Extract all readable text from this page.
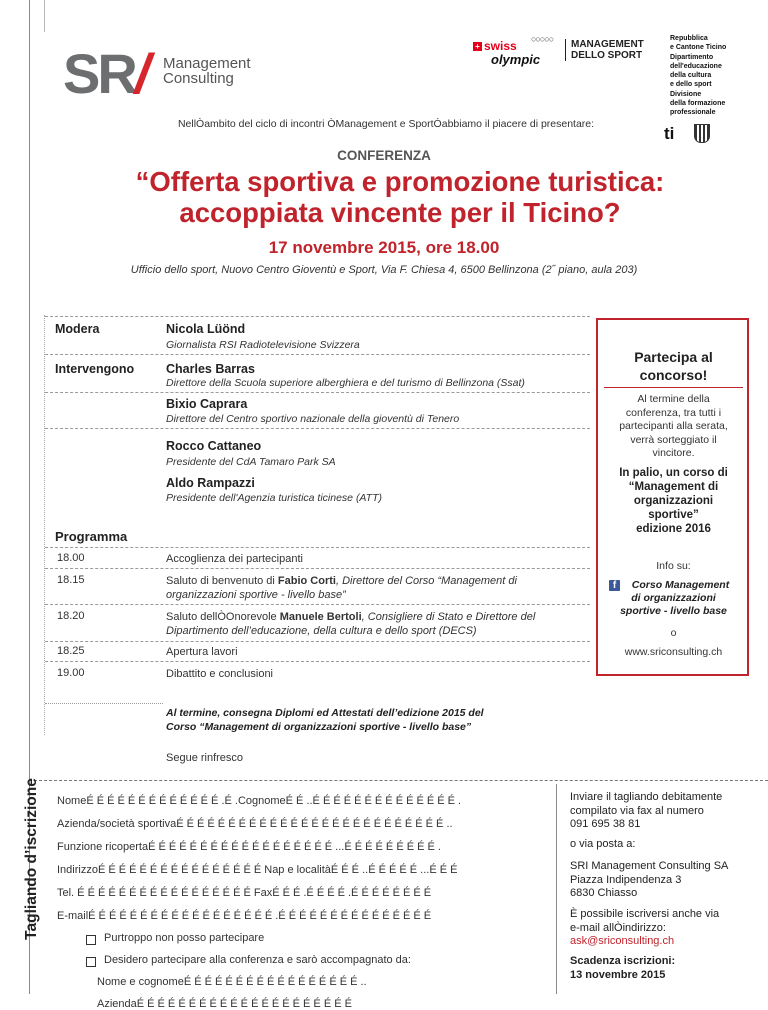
SR/ Management
Consulting
○○○○○
+ swiss
olympic
MANAGEMENT
DELLO SPORT
Repubblica
e Cantone Ticino
Dipartimento
dell'educazione
della cultura
e dello sport
Divisione
della formazione
professionale
ti
NellÒambito del ciclo di incontri ÒManagement e SportÓabbiamo il piacere di presentare:
CONFERENZA
“Offerta sportiva e promozione turistica:
accoppiata vincente per il Ticino?
17 novembre 2015, ore 18.00
Ufficio dello sport, Nuovo Centro Gioventù e Sport, Via F. Chiesa 4, 6500 Bellinzona (2˝ piano, aula 203)
Modera	Nicola Lüönd
Giornalista RSI Radiotelevisione Svizzera
Intervengono	Charles Barras
Direttore della Scuola superiore alberghiera e del turismo di Bellinzona (Ssat)
Bixio Caprara
Direttore del Centro sportivo nazionale della gioventù di Tenero
Rocco Cattaneo
Presidente del CdA Tamaro Park SA
Aldo Rampazzi
Presidente dell'Agenzia turistica ticinese (ATT)
Programma
18.00	Accoglienza dei partecipanti
18.15	Saluto di benvenuto di Fabio Corti, Direttore del Corso “Management di organizzazioni sportive - livello base”
18.20	Saluto dellÒOnorevole Manuele Bertoli, Consigliere di Stato e Direttore del Dipartimento dell’educazione, della cultura e dello sport (DECS)
18.25	Apertura lavori
19.00	Dibattito e conclusioni
Al termine, consegna Diplomi ed Attestati dell’edizione 2015 del
Corso “Management di organizzazioni sportive - livello base”
Segue rinfresco
Partecipa al
concorso!
Al termine della
conferenza, tra tutti i
partecipanti alla serata,
verrà sorteggiato il
vincitore.
In palio, un corso di
“Management di
organizzazioni
sportive”
edizione 2016
Info su:
f	Corso Management
di organizzazioni
sportive - livello base
o
www.sriconsulting.ch
Tagliando d’iscrizione NomeÉ É É É É É É É É É É É É .É .CognomeÉ É ..É É É É É É É É É É É É É É .
Azienda/società sportivaÉ É É É É É É É É É É É É É É É É É É É É É É É É É ..
Funzione ricopertaÉ É É É É É É É É É É É É É É É É É ...É É É É É É É É É .
IndirizzoÉ É É É É É É É É É É É É É É É Nap e localitàÉ É É ..É É É É É ...É É É
Tel. É É É É É É É É É É É É É É É É É FaxÉ É É .É É É É .É É É É É É É É
E-mailÉ É É É É É É É É É É É É É É É É É .É É É É É É É É É É É É É É É
Purtroppo non posso partecipare
Desidero partecipare alla conferenza e sarò accompagnato da:
Nome e cognomeÉ É É É É É É É É É É É É É É É É ..
AziendaÉ É É É É É É É É É É É É É É É É É É É É
Inviare il tagliando debitamente
compilato via fax al numero
091 695 38 81
o via posta a:
SRI Management Consulting SA
Piazza Indipendenza 3
6830 Chiasso
È possibile iscriversi anche via
e-mail allÒindirizzo:
ask@sriconsulting.ch
Scadenza iscrizioni:
13 novembre 2015
